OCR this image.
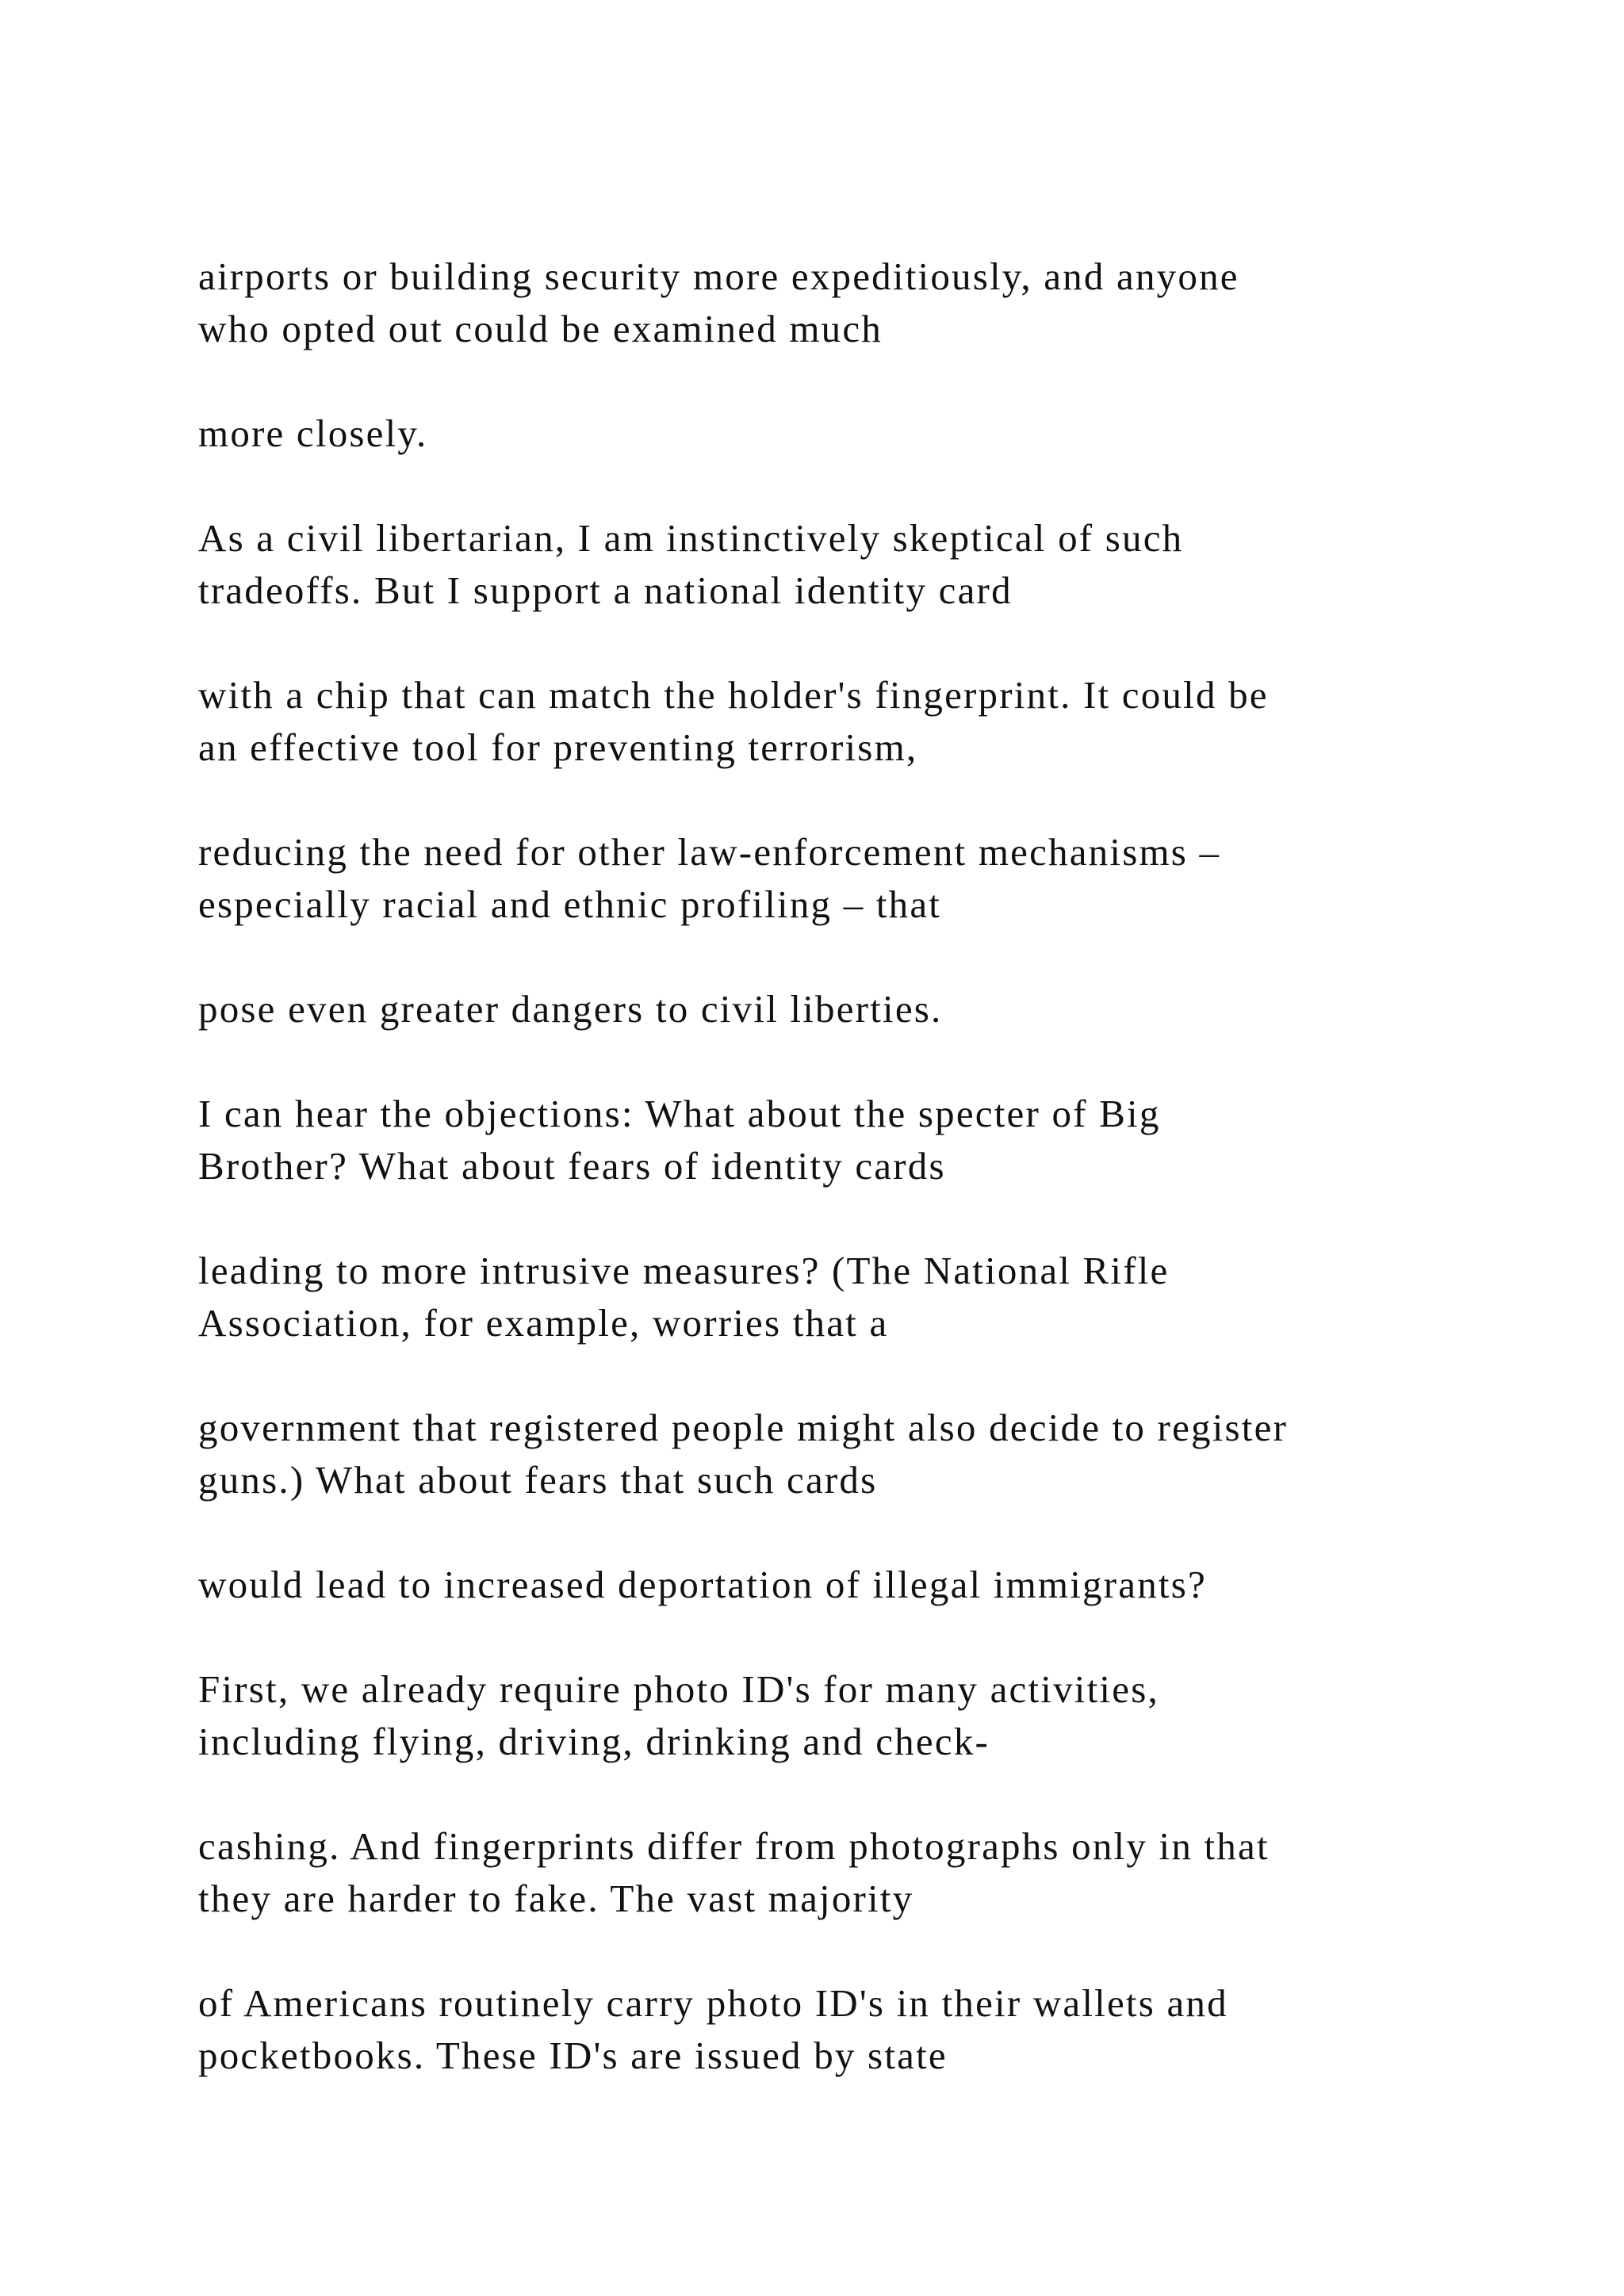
airports or building security more expeditiously, and anyone
who opted out could be examined much

more closely.

As a civil libertarian, I am instinctively skeptical of such
tradeoffs. But I support a national identity card

with a chip that can match the holder's fingerprint. It could be
an effective tool for preventing terrorism,

reducing the need for other law-enforcement mechanisms –
especially racial and ethnic profiling – that

pose even greater dangers to civil liberties.

I can hear the objections: What about the specter of Big
Brother? What about fears of identity cards

leading to more intrusive measures? (The National Rifle
Association, for example, worries that a

government that registered people might also decide to register
guns.) What about fears that such cards

would lead to increased deportation of illegal immigrants?

First, we already require photo ID's for many activities,
including flying, driving, drinking and check-

cashing. And fingerprints differ from photographs only in that
they are harder to fake. The vast majority

of Americans routinely carry photo ID's in their wallets and
pocketbooks. These ID's are issued by state
